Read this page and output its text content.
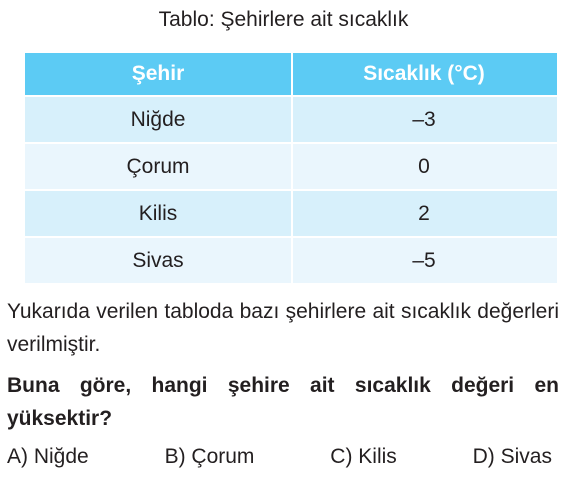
Tablo: Şehirlere ait sıcaklık
Şehir	Sıcaklık (°C)
Niğde	–3
Çorum	0
Kilis	2
Sivas	–5
Yukarıda verilen tabloda bazı şehirlere ait sıcaklık değerleri verilmiştir.
Buna göre, hangi şehire ait sıcaklık değeri en yüksektir?
A) Niğde	B) Çorum	C) Kilis	D) Sivas
